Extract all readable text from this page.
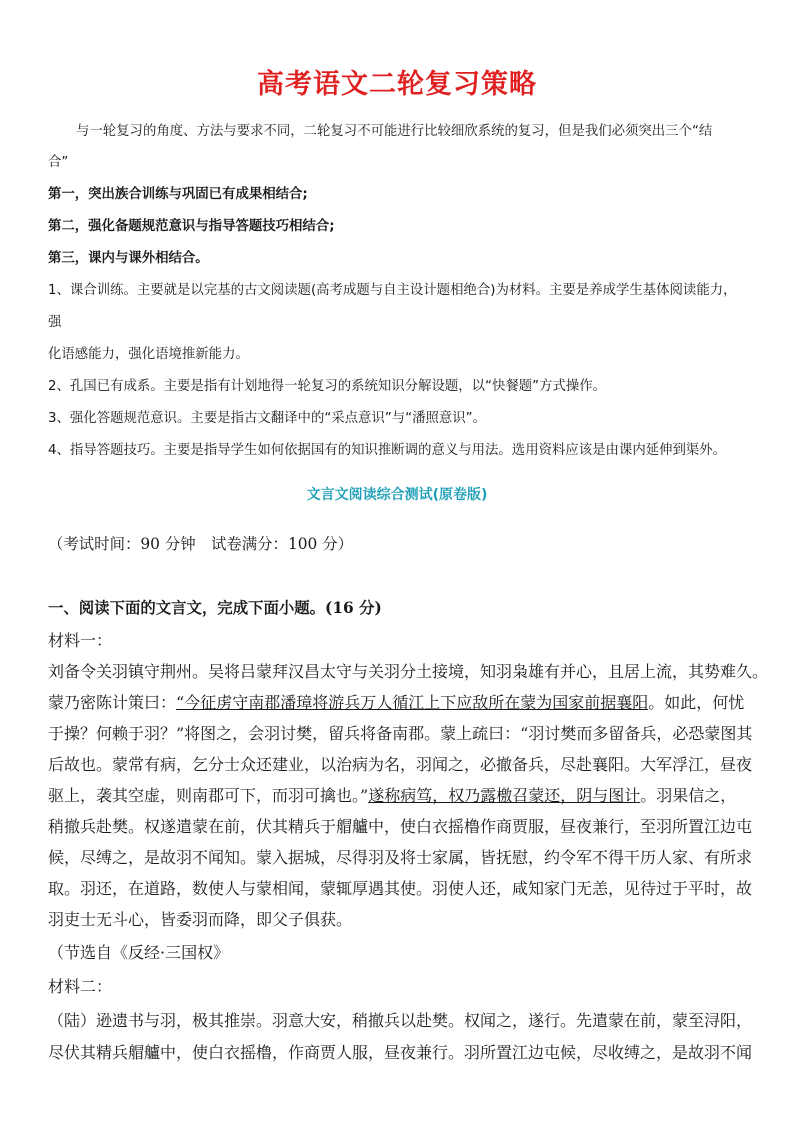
高考语文二轮复习策略
与一轮复习的角度、方法与要求不同，二轮复习不可能进行比较细欣系统的复习，但是我们必须突出三个“结
合”
第一，突出族合训练与巩固已有成果相结合;
第二，强化备题规范意识与指导答题技巧相结合;
第三，课内与课外相结合。
1、课合训练。主要就是以完基的古文阅读题(高考成题与自主设计题相绝合)为材料。主要是养成学生基体阅读能力，
强
化语感能力，强化语境推新能力。
2、孔国已有成系。主要是指有计划地得一轮复习的系统知识分解设题，以“快餐题”方式操作。
3、强化答题规范意识。主要是指古文翻译中的“采点意识”与“潘照意识”。
4、指导答题技巧。主要是指导学生如何依据国有的知识推断调的意义与用法。选用资料应该是由课内延伸到渠外。
文言文阅读综合测试(原卷版)
（考试时间：90 分钟　试卷满分：100 分）
一、阅读下面的文言文，完成下面小题。(16 分)
材料一：
刘备令关羽镇守荆州。吴将吕蒙拜汉昌太守与关羽分土接境，知羽枭雄有并心，且居上流，其势难久。
蒙乃密陈计策曰：“今征虏守南郡潘璋将游兵万人循江上下应敌所在蒙为国家前据襄阳。如此，何忧
于操？何赖于羽？”将图之，会羽讨樊，留兵将备南郡。蒙上疏曰：“羽讨樊而多留备兵，必恐蒙图其
后故也。蒙常有病，乞分士众还建业，以治病为名，羽闻之，必撤备兵，尽赴襄阳。大军浮江，昼夜
驱上，袭其空虚，则南郡可下，而羽可擒也。”遂称病笃，权乃露檄召蒙还，阴与图计。羽果信之，
稍撤兵赴樊。权遂遣蒙在前，伏其精兵于艒艫中，使白衣摇橹作商贾服，昼夜兼行，至羽所置江边屯
候，尽缚之，是故羽不闻知。蒙入据城，尽得羽及将士家属，皆抚慰，约令军不得干历人家、有所求
取。羽还，在道路，数使人与蒙相闻，蒙辄厚遇其使。羽使人还，咸知家门无恙，见待过于平时，故
羽吏士无斗心，皆委羽而降，即父子俱获。
（节选自《反经·三国权》
材料二：
（陆）逊遗书与羽，极其推崇。羽意大安，稍撤兵以赴樊。权闻之，遂行。先遣蒙在前，蒙至浔阳，
尽伏其精兵艒艫中，使白衣摇橹，作商贾人服，昼夜兼行。羽所置江边屯候，尽收缚之，是故羽不闻
